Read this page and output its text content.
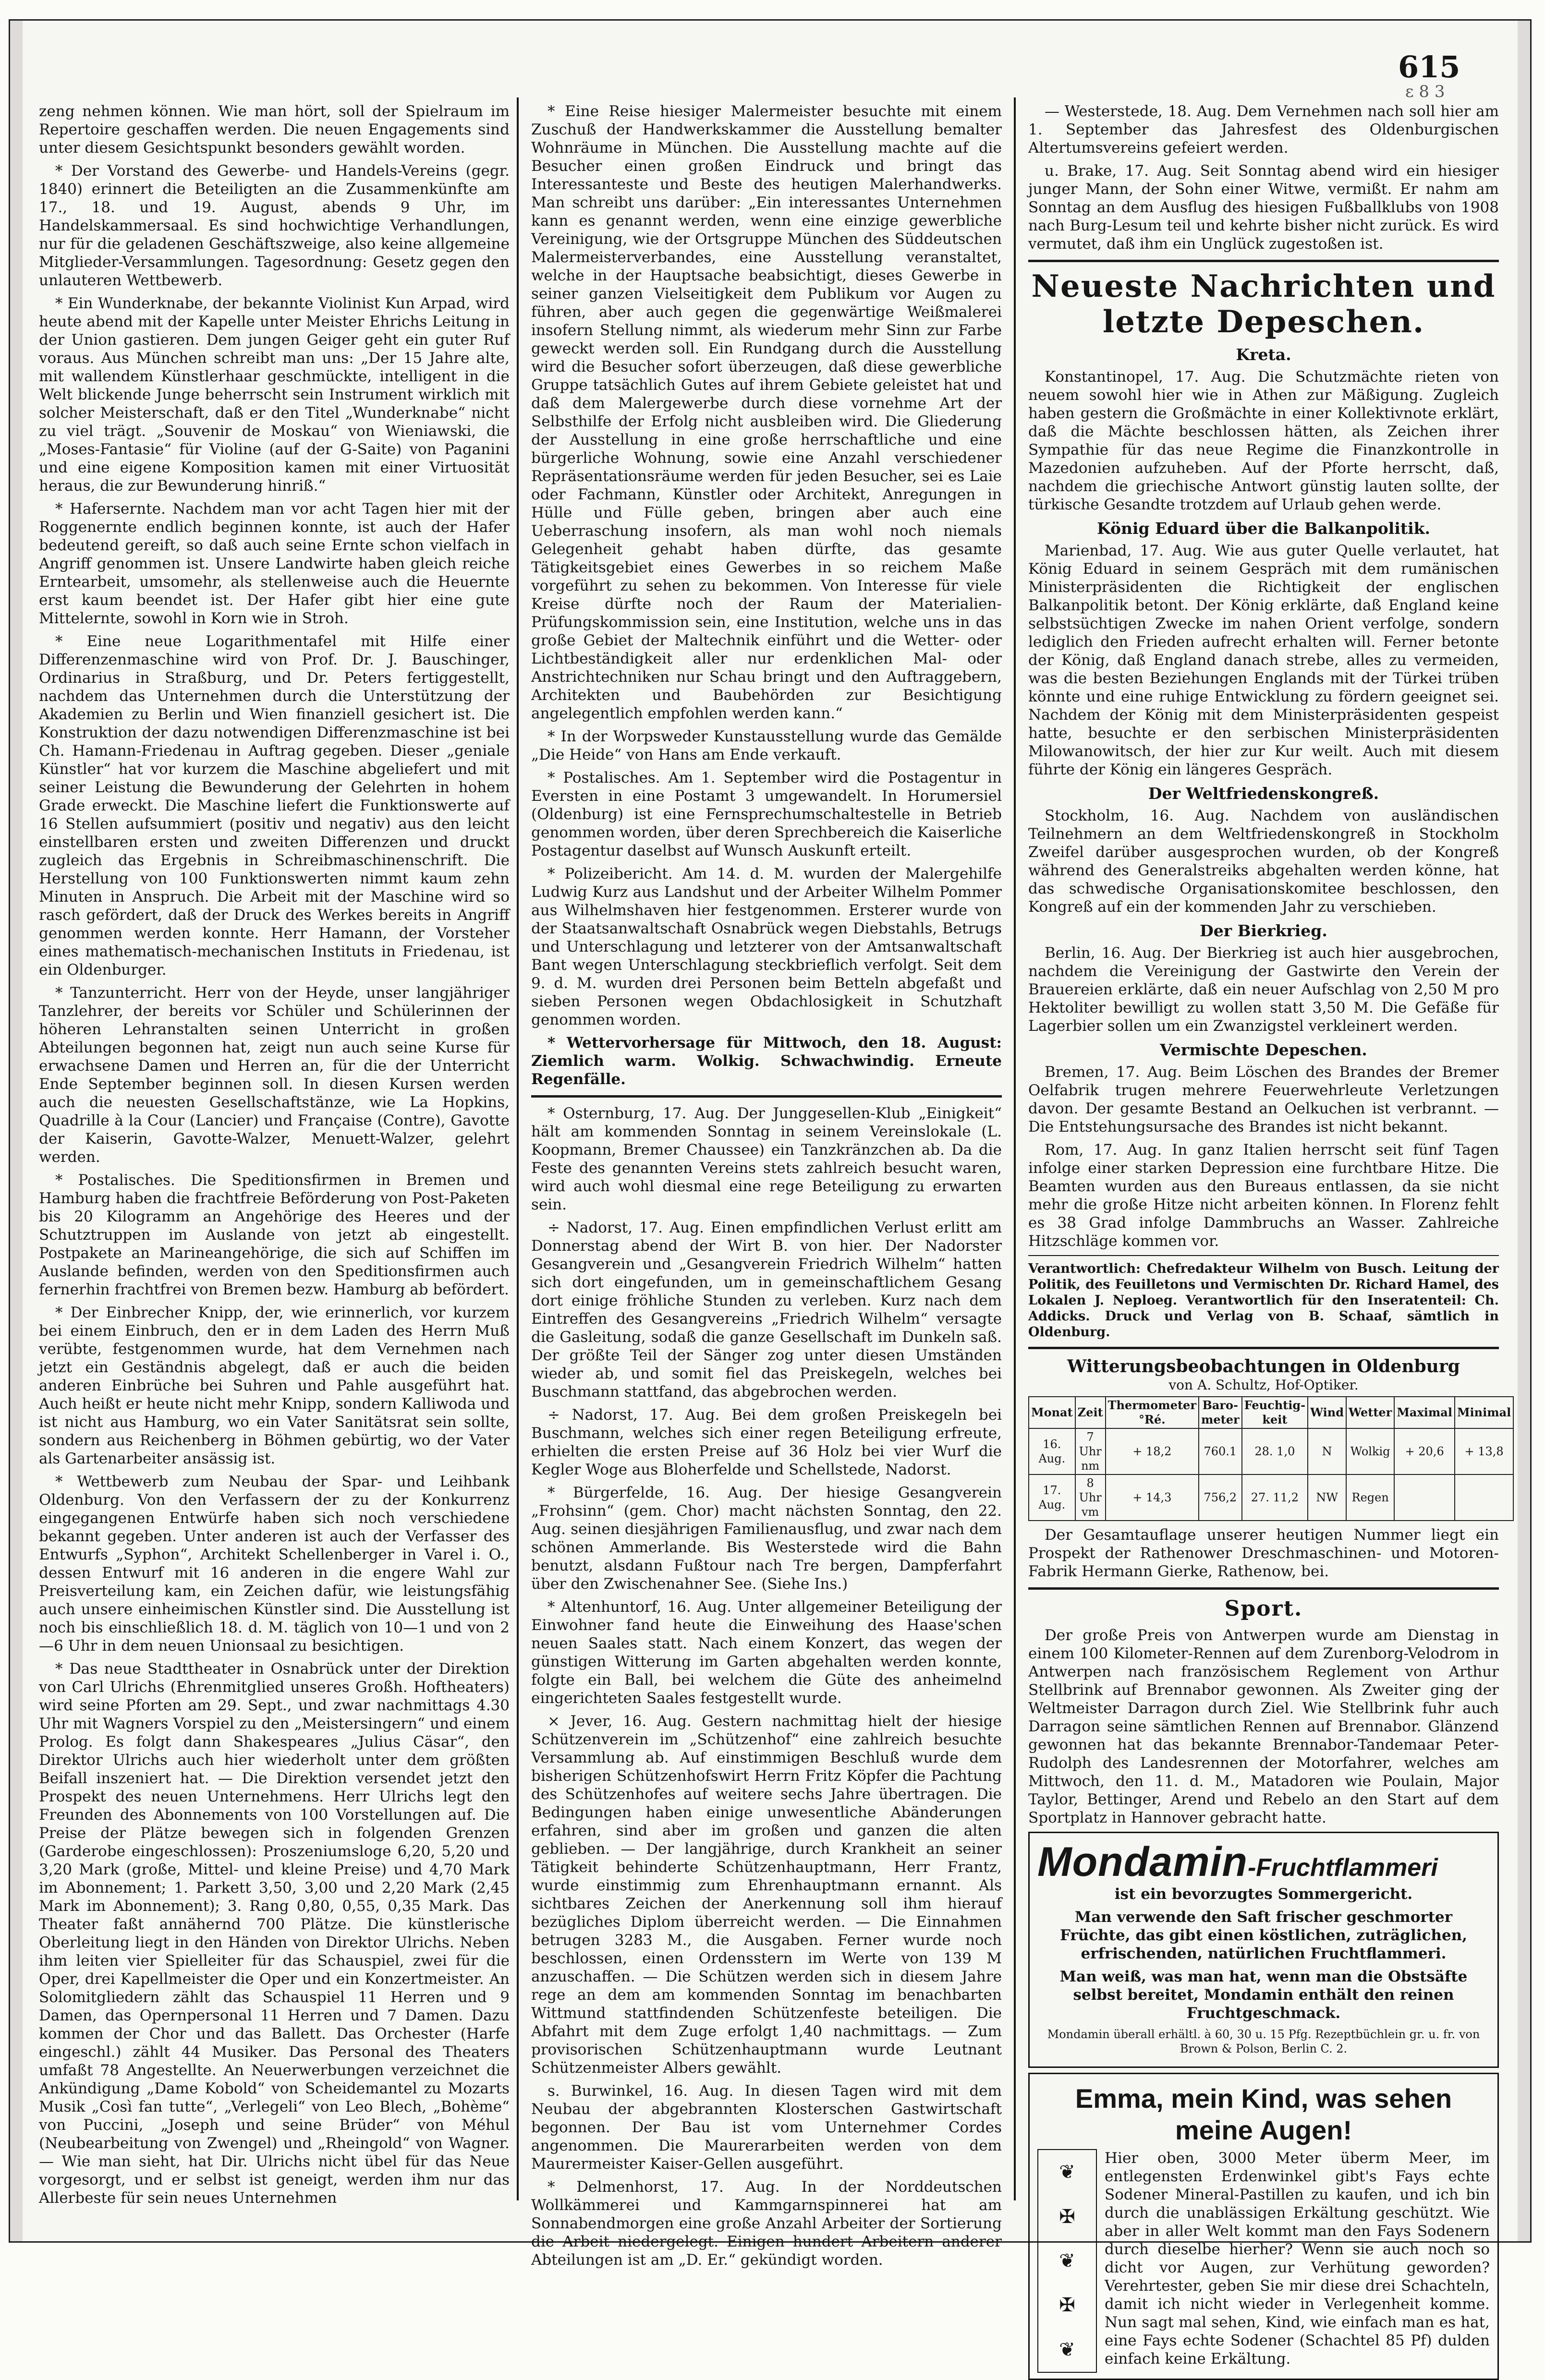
615
ε 8 3

zeng nehmen können. Wie man hört, soll der Spielraum im Repertoire geschaffen werden. Die neuen Engagements sind unter diesem Gesichtspunkt besonders gewählt worden.

* Der Vorstand des Gewerbe- und Handels-Vereins (gegr. 1840) erinnert die Beteiligten an die Zusammenkünfte am 17., 18. und 19. August, abends 9 Uhr, im Handelskammersaal. Es sind hochwichtige Verhandlungen, nur für die geladenen Geschäftszweige, also keine allgemeine Mitglieder-Versammlungen. Tagesordnung: Gesetz gegen den unlauteren Wettbewerb.

* Ein Wunderknabe, der bekannte Violinist Kun Arpad, wird heute abend mit der Kapelle unter Meister Ehrichs Leitung in der Union gastieren. Dem jungen Geiger geht ein guter Ruf voraus. Aus München schreibt man uns: „Der 15 Jahre alte, mit wallendem Künstlerhaar geschmückte, intelligent in die Welt blickende Junge beherrscht sein Instrument wirklich mit solcher Meisterschaft, daß er den Titel „Wunderknabe“ nicht zu viel trägt. „Souvenir de Moskau“ von Wieniawski, die „Moses-Fantasie“ für Violine (auf der G-Saite) von Paganini und eine eigene Komposition kamen mit einer Virtuosität heraus, die zur Bewunderung hinriß.“

* Hafersernte. Nachdem man vor acht Tagen hier mit der Roggenernte endlich beginnen konnte, ist auch der Hafer bedeutend gereift, so daß auch seine Ernte schon vielfach in Angriff genommen ist. Unsere Landwirte haben gleich reiche Erntearbeit, umsomehr, als stellenweise auch die Heuernte erst kaum beendet ist. Der Hafer gibt hier eine gute Mittelernte, sowohl in Korn wie in Stroh.

* Eine neue Logarithmentafel mit Hilfe einer Differenzenmaschine wird von Prof. Dr. J. Bauschinger, Ordinarius in Straßburg, und Dr. Peters fertiggestellt, nachdem das Unternehmen durch die Unterstützung der Akademien zu Berlin und Wien finanziell gesichert ist. Die Konstruktion der dazu notwendigen Differenzmaschine ist bei Ch. Hamann-Friedenau in Auftrag gegeben. Dieser „geniale Künstler“ hat vor kurzem die Maschine abgeliefert und mit seiner Leistung die Bewunderung der Gelehrten in hohem Grade erweckt. Die Maschine liefert die Funktionswerte auf 16 Stellen aufsummiert (positiv und negativ) aus den leicht einstellbaren ersten und zweiten Differenzen und druckt zugleich das Ergebnis in Schreibmaschinenschrift. Die Herstellung von 100 Funktionswerten nimmt kaum zehn Minuten in Anspruch. Die Arbeit mit der Maschine wird so rasch gefördert, daß der Druck des Werkes bereits in Angriff genommen werden konnte. Herr Hamann, der Vorsteher eines mathematisch-mechanischen Instituts in Friedenau, ist ein Oldenburger.

* Tanzunterricht. Herr von der Heyde, unser langjähriger Tanzlehrer, der bereits vor Schüler und Schülerinnen der höheren Lehranstalten seinen Unterricht in großen Abteilungen begonnen hat, zeigt nun auch seine Kurse für erwachsene Damen und Herren an, für die der Unterricht Ende September beginnen soll. In diesen Kursen werden auch die neuesten Gesellschaftstänze, wie La Hopkins, Quadrille à la Cour (Lancier) und Française (Contre), Gavotte der Kaiserin, Gavotte-Walzer, Menuett-Walzer, gelehrt werden.

* Postalisches. Die Speditionsfirmen in Bremen und Hamburg haben die frachtfreie Beförderung von Post-Paketen bis 20 Kilogramm an Angehörige des Heeres und der Schutztruppen im Auslande von jetzt ab eingestellt. Postpakete an Marineangehörige, die sich auf Schiffen im Auslande befinden, werden von den Speditionsfirmen auch fernerhin frachtfrei von Bremen bezw. Hamburg ab befördert.

* Der Einbrecher Knipp, der, wie erinnerlich, vor kurzem bei einem Einbruch, den er in dem Laden des Herrn Muß verübte, festgenommen wurde, hat dem Vernehmen nach jetzt ein Geständnis abgelegt, daß er auch die beiden anderen Einbrüche bei Suhren und Pahle ausgeführt hat. Auch heißt er heute nicht mehr Knipp, sondern Kalliwoda und ist nicht aus Hamburg, wo ein Vater Sanitätsrat sein sollte, sondern aus Reichenberg in Böhmen gebürtig, wo der Vater als Gartenarbeiter ansässig ist.

* Wettbewerb zum Neubau der Spar- und Leihbank Oldenburg. Von den Verfassern der zu der Konkurrenz eingegangenen Entwürfe haben sich noch verschiedene bekannt gegeben. Unter anderen ist auch der Verfasser des Entwurfs „Syphon“, Architekt Schellenberger in Varel i. O., dessen Entwurf mit 16 anderen in die engere Wahl zur Preisverteilung kam, ein Zeichen dafür, wie leistungsfähig auch unsere einheimischen Künstler sind. Die Ausstellung ist noch bis einschließlich 18. d. M. täglich von 10—1 und von 2—6 Uhr in dem neuen Unionsaal zu besichtigen.

* Das neue Stadttheater in Osnabrück unter der Direktion von Carl Ulrichs (Ehrenmitglied unseres Großh. Hoftheaters) wird seine Pforten am 29. Sept., und zwar nachmittags 4.30 Uhr mit Wagners Vorspiel zu den „Meistersingern“ und einem Prolog. Es folgt dann Shakespeares „Julius Cäsar“, den Direktor Ulrichs auch hier wiederholt unter dem größten Beifall inszeniert hat. — Die Direktion versendet jetzt den Prospekt des neuen Unternehmens. Herr Ulrichs legt den Freunden des Abonnements von 100 Vorstellungen auf. Die Preise der Plätze bewegen sich in folgenden Grenzen (Garderobe eingeschlossen): Proszeniumsloge 6,20, 5,20 und 3,20 Mark (große, Mittel- und kleine Preise) und 4,70 Mark im Abonnement; 1. Parkett 3,50, 3,00 und 2,20 Mark (2,45 Mark im Abonnement); 3. Rang 0,80, 0,55, 0,35 Mark. Das Theater faßt annähernd 700 Plätze. Die künstlerische Oberleitung liegt in den Händen von Direktor Ulrichs. Neben ihm leiten vier Spielleiter für das Schauspiel, zwei für die Oper, drei Kapellmeister die Oper und ein Konzertmeister. An Solomitgliedern zählt das Schauspiel 11 Herren und 9 Damen, das Opernpersonal 11 Herren und 7 Damen. Dazu kommen der Chor und das Ballett. Das Orchester (Harfe eingeschl.) zählt 44 Musiker. Das Personal des Theaters umfaßt 78 Angestellte. An Neuerwerbungen verzeichnet die Ankündigung „Dame Kobold“ von Scheidemantel zu Mozarts Musik „Così fan tutte“, „Verlegeli“ von Leo Blech, „Bohème“ von Puccini, „Joseph und seine Brüder“ von Méhul (Neubearbeitung von Zwengel) und „Rheingold“ von Wagner. — Wie man sieht, hat Dir. Ulrichs nicht übel für das Neue vorgesorgt, und er selbst ist geneigt, werden ihm nur das Allerbeste für sein neues Unternehmen

* Eine Reise hiesiger Malermeister besuchte mit einem Zuschuß der Handwerkskammer die Ausstellung bemalter Wohnräume in München. Die Ausstellung machte auf die Besucher einen großen Eindruck und bringt das Interessanteste und Beste des heutigen Malerhandwerks. Man schreibt uns darüber: „Ein interessantes Unternehmen kann es genannt werden, wenn eine einzige gewerbliche Vereinigung, wie der Ortsgruppe München des Süddeutschen Malermeisterverbandes, eine Ausstellung veranstaltet, welche in der Hauptsache beabsichtigt, dieses Gewerbe in seiner ganzen Vielseitigkeit dem Publikum vor Augen zu führen, aber auch gegen die gegenwärtige Weißmalerei insofern Stellung nimmt, als wiederum mehr Sinn zur Farbe geweckt werden soll. Ein Rundgang durch die Ausstellung wird die Besucher sofort überzeugen, daß diese gewerbliche Gruppe tatsächlich Gutes auf ihrem Gebiete geleistet hat und daß dem Malergewerbe durch diese vornehme Art der Selbsthilfe der Erfolg nicht ausbleiben wird. Die Gliederung der Ausstellung in eine große herrschaftliche und eine bürgerliche Wohnung, sowie eine Anzahl verschiedener Repräsentationsräume werden für jeden Besucher, sei es Laie oder Fachmann, Künstler oder Architekt, Anregungen in Hülle und Fülle geben, bringen aber auch eine Ueberraschung insofern, als man wohl noch niemals Gelegenheit gehabt haben dürfte, das gesamte Tätigkeitsgebiet eines Gewerbes in so reichem Maße vorgeführt zu sehen zu bekommen. Von Interesse für viele Kreise dürfte noch der Raum der Materialien-Prüfungskommission sein, eine Institution, welche uns in das große Gebiet der Maltechnik einführt und die Wetter- oder Lichtbeständigkeit aller nur erdenklichen Mal- oder Anstrichtechniken nur Schau bringt und den Auftraggebern, Architekten und Baubehörden zur Besichtigung angelegentlich empfohlen werden kann.“

* In der Worpsweder Kunstausstellung wurde das Gemälde „Die Heide“ von Hans am Ende verkauft.

* Postalisches. Am 1. September wird die Postagentur in Eversten in eine Postamt 3 umgewandelt. In Horumersiel (Oldenburg) ist eine Fernsprechumschaltestelle in Betrieb genommen worden, über deren Sprechbereich die Kaiserliche Postagentur daselbst auf Wunsch Auskunft erteilt.

* Polizeibericht. Am 14. d. M. wurden der Malergehilfe Ludwig Kurz aus Landshut und der Arbeiter Wilhelm Pommer aus Wilhelmshaven hier festgenommen. Ersterer wurde von der Staatsanwaltschaft Osnabrück wegen Diebstahls, Betrugs und Unterschlagung und letzterer von der Amtsanwaltschaft Bant wegen Unterschlagung steckbrieflich verfolgt. Seit dem 9. d. M. wurden drei Personen beim Betteln abgefaßt und sieben Personen wegen Obdachlosigkeit in Schutzhaft genommen worden.

* Wettervorhersage für Mittwoch, den 18. August: Ziemlich warm. Wolkig. Schwachwindig. Erneute Regenfälle.

* Osternburg, 17. Aug. Der Junggesellen-Klub „Einigkeit“ hält am kommenden Sonntag in seinem Vereinslokale (L. Koopmann, Bremer Chaussee) ein Tanzkränzchen ab. Da die Feste des genannten Vereins stets zahlreich besucht waren, wird auch wohl diesmal eine rege Beteiligung zu erwarten sein.

÷ Nadorst, 17. Aug. Einen empfindlichen Verlust erlitt am Donnerstag abend der Wirt B. von hier. Der Nadorster Gesangverein und „Gesangverein Friedrich Wilhelm“ hatten sich dort eingefunden, um in gemeinschaftlichem Gesang dort einige fröhliche Stunden zu verleben. Kurz nach dem Eintreffen des Gesangvereins „Friedrich Wilhelm“ versagte die Gasleitung, sodaß die ganze Gesellschaft im Dunkeln saß. Der größte Teil der Sänger zog unter diesen Umständen wieder ab, und somit fiel das Preiskegeln, welches bei Buschmann stattfand, das abgebrochen werden.

÷ Nadorst, 17. Aug. Bei dem großen Preiskegeln bei Buschmann, welches sich einer regen Beteiligung erfreute, erhielten die ersten Preise auf 36 Holz bei vier Wurf die Kegler Woge aus Bloherfelde und Schellstede, Nadorst.

* Bürgerfelde, 16. Aug. Der hiesige Gesangverein „Frohsinn“ (gem. Chor) macht nächsten Sonntag, den 22. Aug. seinen diesjährigen Familienausflug, und zwar nach dem schönen Ammerlande. Bis Westerstede wird die Bahn benutzt, alsdann Fußtour nach Tre bergen, Dampferfahrt über den Zwischenahner See. (Siehe Ins.)

* Altenhuntorf, 16. Aug. Unter allgemeiner Beteiligung der Einwohner fand heute die Einweihung des Haase'schen neuen Saales statt. Nach einem Konzert, das wegen der günstigen Witterung im Garten abgehalten werden konnte, folgte ein Ball, bei welchem die Güte des anheimelnd eingerichteten Saales festgestellt wurde.

× Jever, 16. Aug. Gestern nachmittag hielt der hiesige Schützenverein im „Schützenhof“ eine zahlreich besuchte Versammlung ab. Auf einstimmigen Beschluß wurde dem bisherigen Schützenhofswirt Herrn Fritz Köpfer die Pachtung des Schützenhofes auf weitere sechs Jahre übertragen. Die Bedingungen haben einige unwesentliche Abänderungen erfahren, sind aber im großen und ganzen die alten geblieben. — Der langjährige, durch Krankheit an seiner Tätigkeit behinderte Schützenhauptmann, Herr Frantz, wurde einstimmig zum Ehrenhauptmann ernannt. Als sichtbares Zeichen der Anerkennung soll ihm hierauf bezügliches Diplom überreicht werden. — Die Einnahmen betrugen 3283 M., die Ausgaben. Ferner wurde noch beschlossen, einen Ordensstern im Werte von 139 M anzuschaffen. — Die Schützen werden sich in diesem Jahre rege an dem am kommenden Sonntag im benachbarten Wittmund stattfindenden Schützenfeste beteiligen. Die Abfahrt mit dem Zuge erfolgt 1,40 nachmittags. — Zum provisorischen Schützenhauptmann wurde Leutnant Schützenmeister Albers gewählt.

s. Burwinkel, 16. Aug. In diesen Tagen wird mit dem Neubau der abgebrannten Klosterschen Gastwirtschaft begonnen. Der Bau ist vom Unternehmer Cordes angenommen. Die Maurerarbeiten werden von dem Maurermeister Kaiser-Gellen ausgeführt.

* Delmenhorst, 17. Aug. In der Norddeutschen Wollkämmerei und Kammgarnspinnerei hat am Sonnabendmorgen eine große Anzahl Arbeiter der Sortierung die Arbeit niedergelegt. Einigen hundert Arbeitern anderer Abteilungen ist am „D. Er.“ gekündigt worden.

— Westerstede, 18. Aug. Dem Vernehmen nach soll hier am 1. September das Jahresfest des Oldenburgischen Altertumsvereins gefeiert werden.

u. Brake, 17. Aug. Seit Sonntag abend wird ein hiesiger junger Mann, der Sohn einer Witwe, vermißt. Er nahm am Sonntag an dem Ausflug des hiesigen Fußballklubs von 1908 nach Burg-Lesum teil und kehrte bisher nicht zurück. Es wird vermutet, daß ihm ein Unglück zugestoßen ist.

Neueste Nachrichten und letzte Depeschen.
Kreta.

Konstantinopel, 17. Aug. Die Schutzmächte rieten von neuem sowohl hier wie in Athen zur Mäßigung. Zugleich haben gestern die Großmächte in einer Kollektivnote erklärt, daß die Mächte beschlossen hätten, als Zeichen ihrer Sympathie für das neue Regime die Finanzkontrolle in Mazedonien aufzuheben. Auf der Pforte herrscht, daß, nachdem die griechische Antwort günstig lauten sollte, der türkische Gesandte trotzdem auf Urlaub gehen werde.

König Eduard über die Balkanpolitik.

Marienbad, 17. Aug. Wie aus guter Quelle verlautet, hat König Eduard in seinem Gespräch mit dem rumänischen Ministerpräsidenten die Richtigkeit der englischen Balkanpolitik betont. Der König erklärte, daß England keine selbstsüchtigen Zwecke im nahen Orient verfolge, sondern lediglich den Frieden aufrecht erhalten will. Ferner betonte der König, daß England danach strebe, alles zu vermeiden, was die besten Beziehungen Englands mit der Türkei trüben könnte und eine ruhige Entwicklung zu fördern geeignet sei. Nachdem der König mit dem Ministerpräsidenten gespeist hatte, besuchte er den serbischen Ministerpräsidenten Milowanowitsch, der hier zur Kur weilt. Auch mit diesem führte der König ein längeres Gespräch.

Der Weltfriedenskongreß.

Stockholm, 16. Aug. Nachdem von ausländischen Teilnehmern an dem Weltfriedenskongreß in Stockholm Zweifel darüber ausgesprochen wurden, ob der Kongreß während des Generalstreiks abgehalten werden könne, hat das schwedische Organisationskomitee beschlossen, den Kongreß auf ein der kommenden Jahr zu verschieben.

Der Bierkrieg.

Berlin, 16. Aug. Der Bierkrieg ist auch hier ausgebrochen, nachdem die Vereinigung der Gastwirte den Verein der Brauereien erklärte, daß ein neuer Aufschlag von 2,50 M pro Hektoliter bewilligt zu wollen statt 3,50 M. Die Gefäße für Lagerbier sollen um ein Zwanzigstel verkleinert werden.

Vermischte Depeschen.

Bremen, 17. Aug. Beim Löschen des Brandes der Bremer Oelfabrik trugen mehrere Feuerwehrleute Verletzungen davon. Der gesamte Bestand an Oelkuchen ist verbrannt. — Die Entstehungsursache des Brandes ist nicht bekannt.

Rom, 17. Aug. In ganz Italien herrscht seit fünf Tagen infolge einer starken Depression eine furchtbare Hitze. Die Beamten wurden aus den Bureaus entlassen, da sie nicht mehr die große Hitze nicht arbeiten können. In Florenz fehlt es 38 Grad infolge Dammbruchs an Wasser. Zahlreiche Hitzschläge kommen vor.

Verantwortlich: Chefredakteur Wilhelm von Busch. Leitung der Politik, des Feuilletons und Vermischten Dr. Richard Hamel, des Lokalen J. Neploeg. Verantwortlich für den Inseratenteil: Ch. Addicks. Druck und Verlag von B. Schaaf, sämtlich in Oldenburg.

Witterungsbeobachtungen in Oldenburg
von A. Schultz, Hof-Optiker.
Monat	Zeit	Thermometer °Ré.	Baro-meter	Feuchtig-keit	Wind	Wetter	Maximal	Minimal
16. Aug.	7 Uhr nm	+ 18,2	760.1	28. 1,0	N	Wolkig	+ 20,6	+ 13,8
17. Aug.	8 Uhr vm	+ 14,3	756,2	27. 11,2	NW	Regen		

Der Gesamtauflage unserer heutigen Nummer liegt ein Prospekt der Rathenower Dreschmaschinen- und Motoren-Fabrik Hermann Gierke, Rathenow, bei.

Sport.

Der große Preis von Antwerpen wurde am Dienstag in einem 100 Kilometer-Rennen auf dem Zurenborg-Velodrom in Antwerpen nach französischem Reglement von Arthur Stellbrink auf Brennabor gewonnen. Als Zweiter ging der Weltmeister Darragon durch Ziel. Wie Stellbrink fuhr auch Darragon seine sämtlichen Rennen auf Brennabor. Glänzend gewonnen hat das bekannte Brennabor-Tandemaar Peter-Rudolph des Landesrennen der Motorfahrer, welches am Mittwoch, den 11. d. M., Matadoren wie Poulain, Major Taylor, Bettinger, Arend und Rebelo an den Start auf dem Sportplatz in Hannover gebracht hatte.

Mondamin-Fruchtflammeri

ist ein bevorzugtes Sommergericht.

Man verwende den Saft frischer geschmorter Früchte, das gibt einen köstlichen, zuträglichen, erfrischenden, natürlichen Fruchtflammeri.

Man weiß, was man hat, wenn man die Obstsäfte selbst bereitet, Mondamin enthält den reinen Fruchtgeschmack.

Mondamin überall erhältl. à 60, 30 u. 15 Pfg. Rezeptbüchlein gr. u. fr. von Brown & Polson, Berlin C. 2.

Emma, mein Kind, was sehen meine Augen!
❦
✠
❦
✠
❦

Hier oben, 3000 Meter überm Meer, im entlegensten Erdenwinkel gibt's Fays echte Sodener Mineral-Pastillen zu kaufen, und ich bin durch die unablässigen Erkältung geschützt. Wie aber in aller Welt kommt man den Fays Sodenern durch dieselbe hierher? Wenn sie auch noch so dicht vor Augen, zur Verhütung geworden? Verehrtester, geben Sie mir diese drei Schachteln, damit ich nicht wieder in Verlegenheit komme. Nun sagt mal sehen, Kind, wie einfach man es hat, eine Fays echte Sodener (Schachtel 85 Pf) dulden einfach keine Erkältung.
